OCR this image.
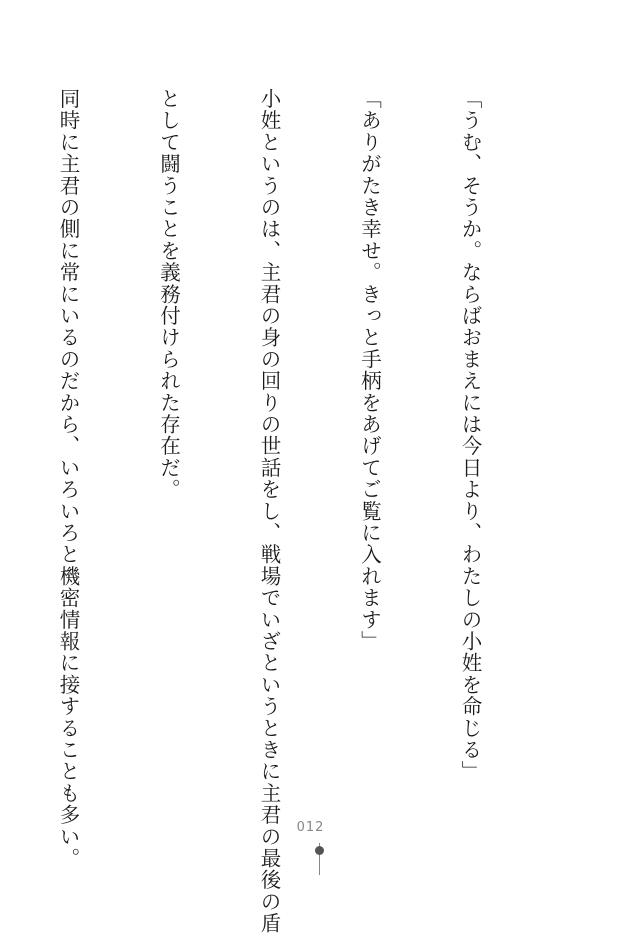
「うむ、そうか。ならばおまえには今日より、わたしの小姓を命じる」

「ありがたき幸せ。きっと手柄をあげてご覧に入れます」

小姓というのは、主君の身の回りの世話をし、戦場でいざというときに主君の最後の盾

として闘うことを義務付けられた存在だ。

同時に主君の側に常にいるのだから、いろいろと機密情報に接することも多い。

	012
